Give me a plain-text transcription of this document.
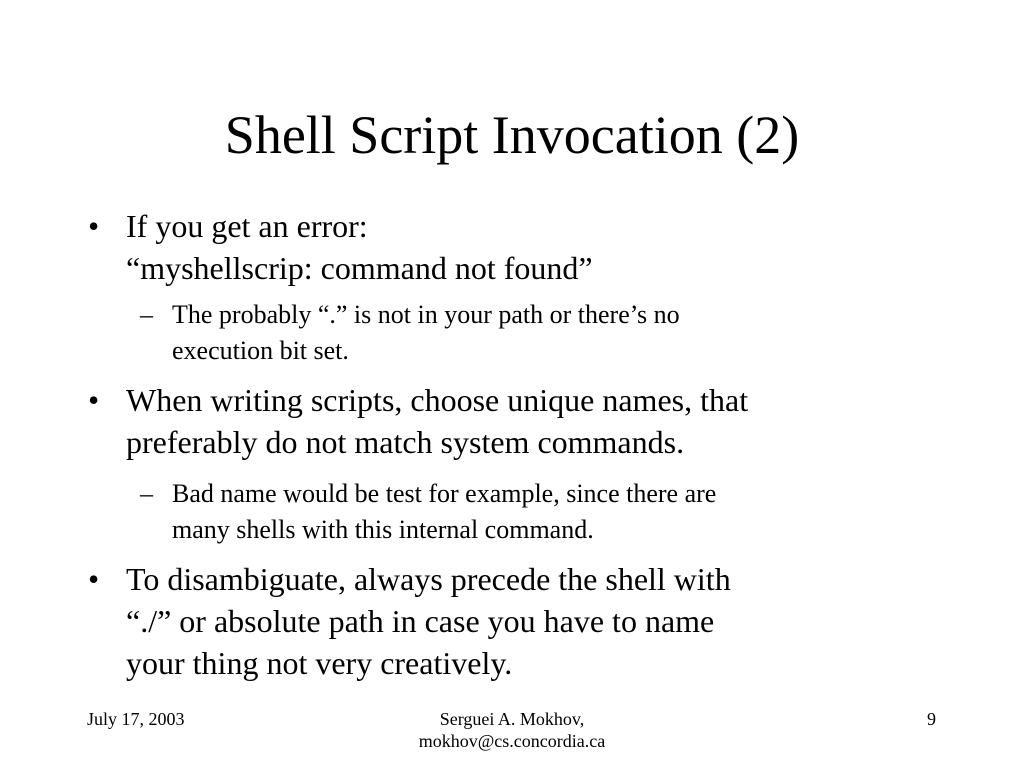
Shell Script Invocation (2)
• If you get an error:
“myshellscrip: command not found”
– The probably “.” is not in your path or there’s no
execution bit set.
• When writing scripts, choose unique names, that
preferably do not match system commands.
– Bad name would be test for example, since there are
many shells with this internal command.
• To disambiguate, always precede the shell with
“./” or absolute path in case you have to name
your thing not very creatively.
July 17, 2003	Serguei A. Mokhov,
mokhov@cs.concordia.ca
9
